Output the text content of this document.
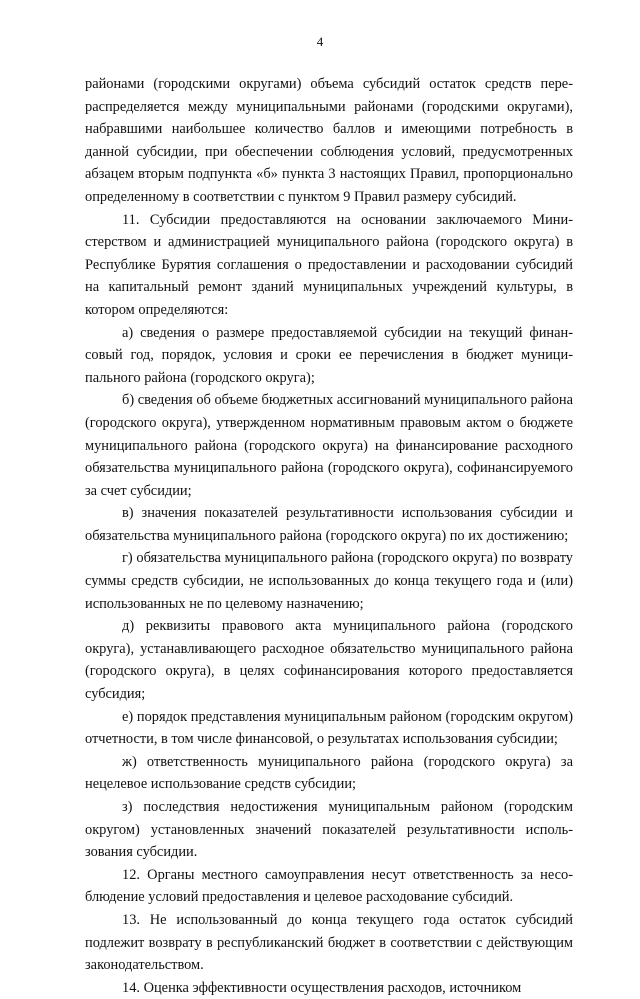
4

районами (городскими округами) объема субсидий остаток средств перераспределяется между муниципальными районами (городскими округами), набравшими наибольшее количество баллов и имеющими потребность в данной субсидии, при обеспечении соблюдения условий, предусмотренных абзацем вторым подпункта «б» пункта 3 настоящих Правил, пропорционально определенному в соответствии с пунктом 9 Правил размеру субсидий.

11. Субсидии предоставляются на основании заключаемого Министерством и администрацией муниципального района (городского округа) в Республике Бурятия соглашения о предоставлении и расходовании субсидий на капитальный ремонт зданий муниципальных учреждений культуры, в котором определяются:

а) сведения о размере предоставляемой субсидии на текущий финансовый год, порядок, условия и сроки ее перечисления в бюджет муниципального района (городского округа);

б) сведения об объеме бюджетных ассигнований муниципального района (городского округа), утвержденном нормативным правовым актом о бюджете муниципального района (городского округа) на финансирование расходного обязательства муниципального района (городского округа), софинансируемого за счет субсидии;

в) значения показателей результативности использования субсидии и обязательства муниципального района (городского округа) по их достижению;

г) обязательства муниципального района (городского округа) по возврату суммы средств субсидии, не использованных до конца текущего года и (или) использованных не по целевому назначению;

д) реквизиты правового акта муниципального района (городского округа), устанавливающего расходное обязательство муниципального района (городского округа), в целях софинансирования которого предоставляется субсидия;

е) порядок представления муниципальным районом (городским округом) отчетности, в том числе финансовой, о результатах использования субсидии;

ж) ответственность муниципального района (городского округа) за нецелевое использование средств субсидии;

з) последствия недостижения муниципальным районом (городским округом) установленных значений показателей результативности использования субсидии.

12. Органы местного самоуправления несут ответственность за несоблюдение условий предоставления и целевое расходование субсидий.

13. Не использованный до конца текущего года остаток субсидий подлежит возврату в республиканский бюджет в соответствии с действующим законодательством.

14. Оценка эффективности осуществления расходов, источником
